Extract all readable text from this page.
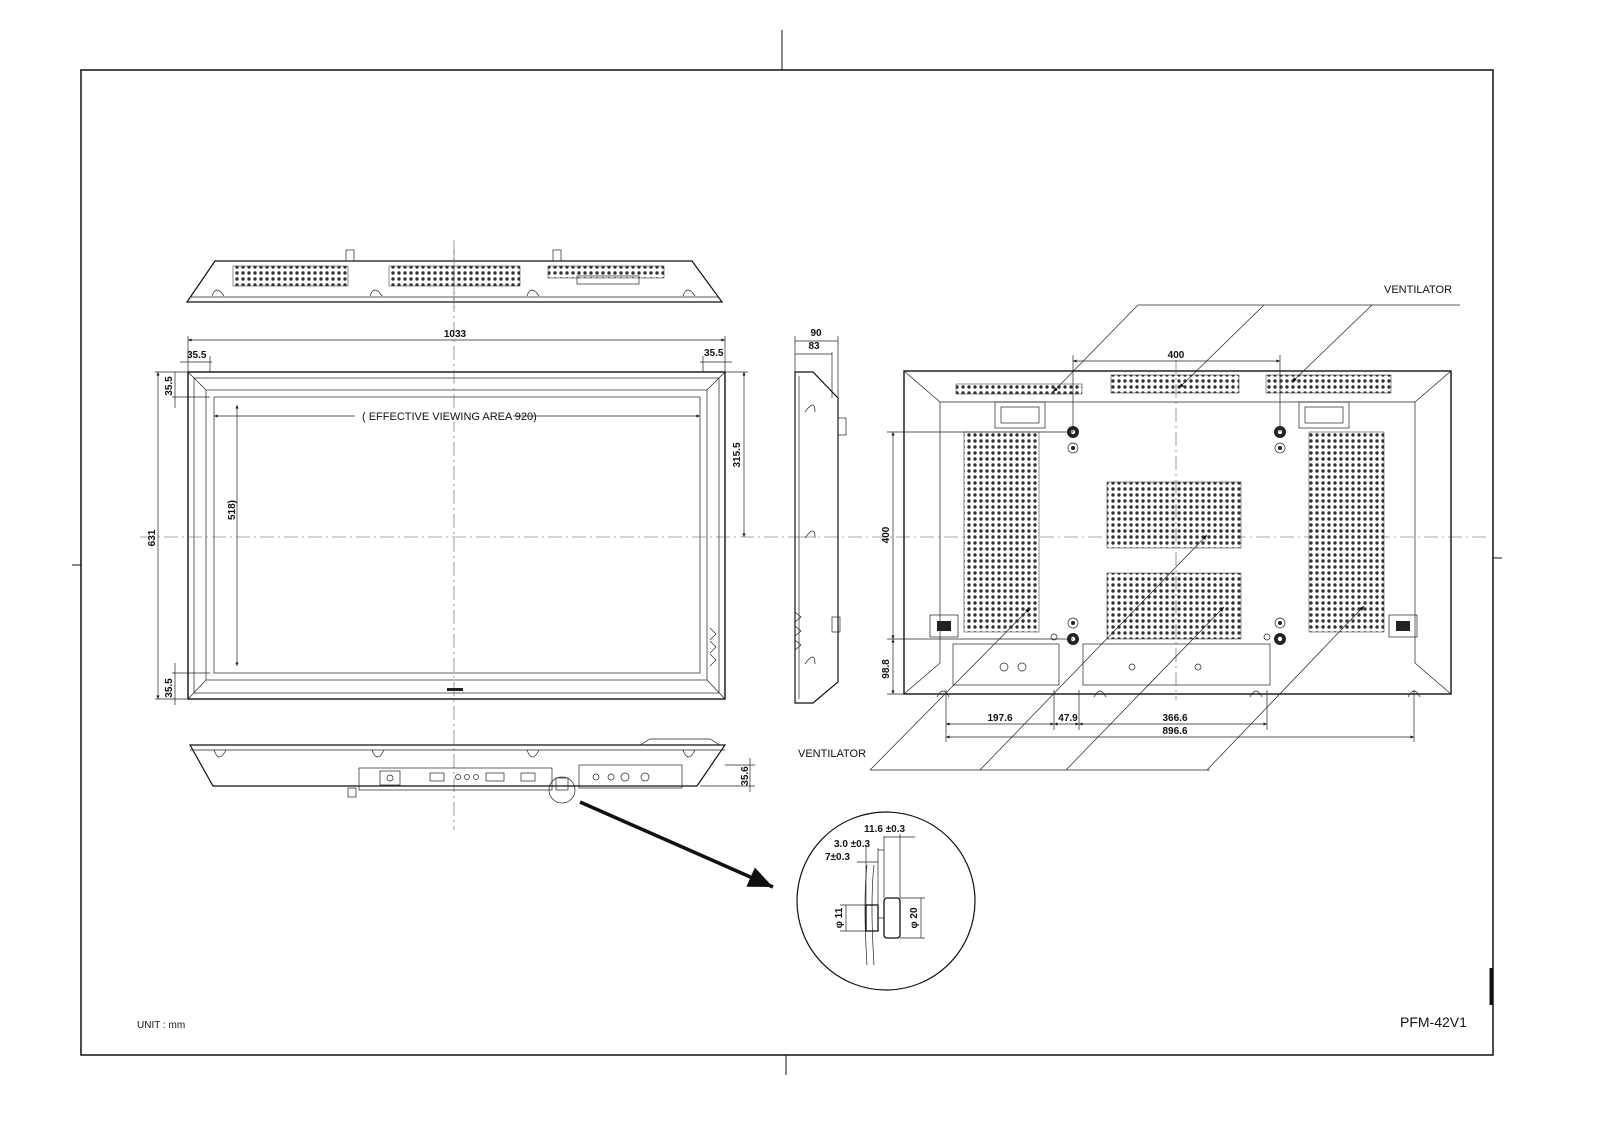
1033
35.5	35.5
631
35.5
35.5
518)
( EFFECTIVE VIEWING AREA 920)
315.5
35.6
90
83
400
400
98.8
197.6	47.9	366.6
896.6
VENTILATOR
VENTILATOR
11.6 ±0.3
3.0 ±0.3
7±0.3
φ 11	φ 20
UNIT : mm	PFM-42V1
